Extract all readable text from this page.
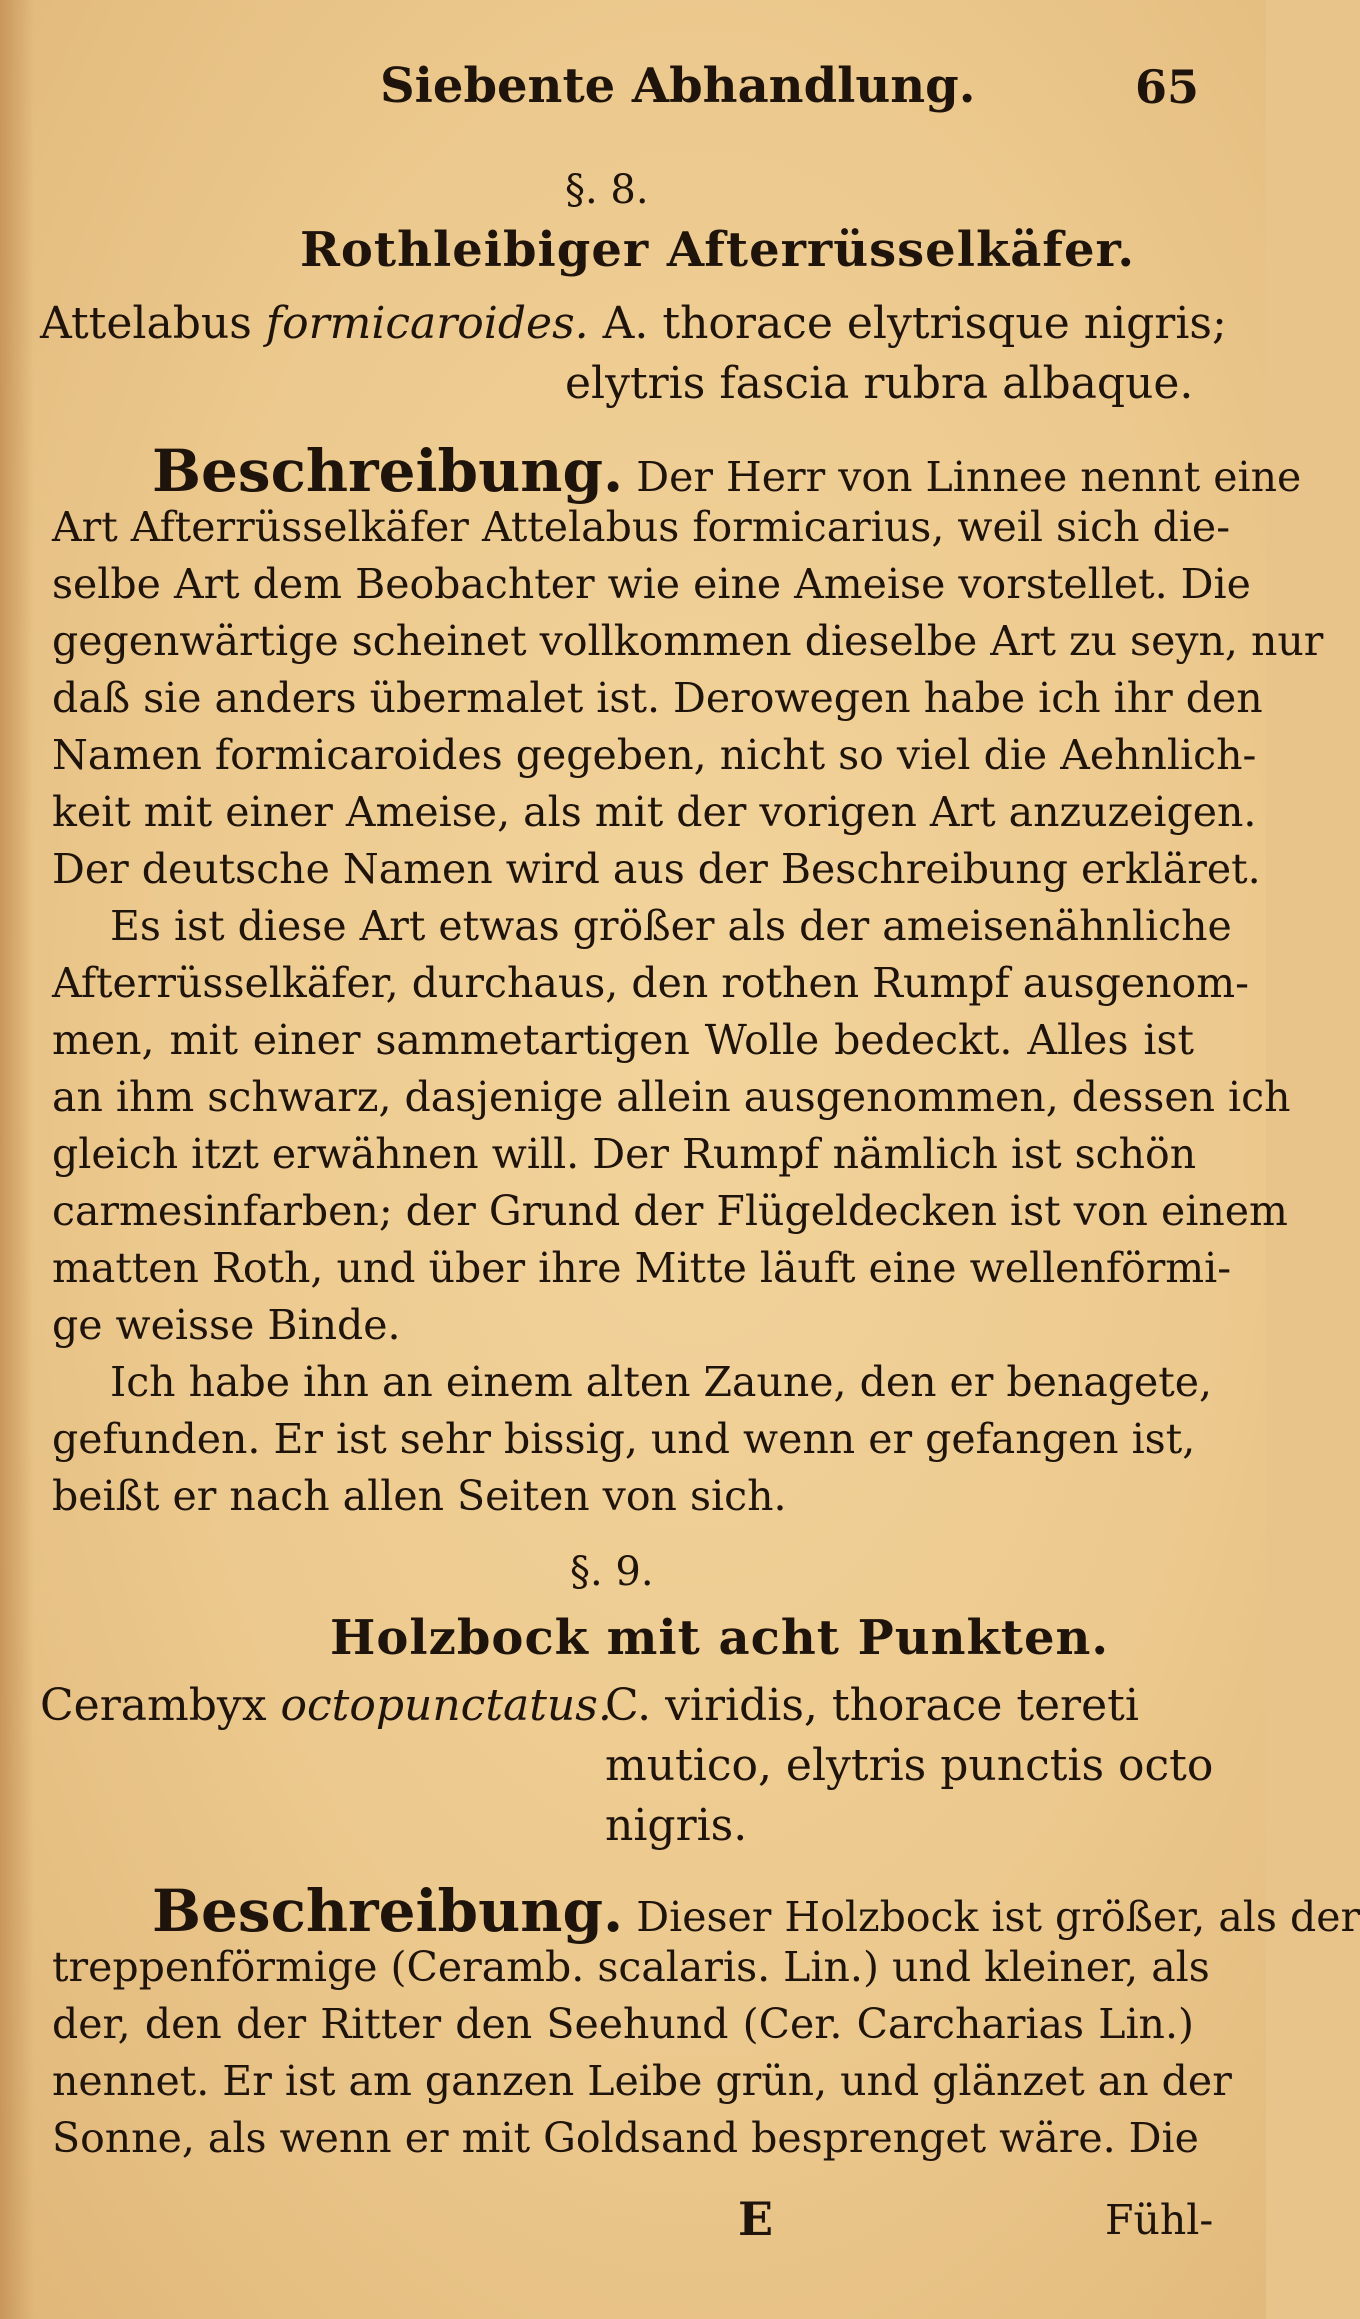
Siebente Abhandlung.	65
§. 8.
Rothleibiger Afterrüsselkäfer.
Attelabus formicaroides. A. thorace elytrisque nigris;
elytris fascia rubra albaque.
Beschreibung. Der Herr von Linnee nennt eine
Art Afterrüsselkäfer Attelabus formicarius, weil sich die-
selbe Art dem Beobachter wie eine Ameise vorstellet. Die
gegenwärtige scheinet vollkommen dieselbe Art zu seyn, nur
daß sie anders übermalet ist. Derowegen habe ich ihr den
Namen formicaroides gegeben, nicht so viel die Aehnlich-
keit mit einer Ameise, als mit der vorigen Art anzuzeigen.
Der deutsche Namen wird aus der Beschreibung erkläret.
Es ist diese Art etwas größer als der ameisenähnliche
Afterrüsselkäfer, durchaus, den rothen Rumpf ausgenom-
men, mit einer sammetartigen Wolle bedeckt. Alles ist
an ihm schwarz, dasjenige allein ausgenommen, dessen ich
gleich itzt erwähnen will. Der Rumpf nämlich ist schön
carmesinfarben; der Grund der Flügeldecken ist von einem
matten Roth, und über ihre Mitte läuft eine wellenförmi-
ge weisse Binde.
Ich habe ihn an einem alten Zaune, den er benagete,
gefunden. Er ist sehr bissig, und wenn er gefangen ist,
beißt er nach allen Seiten von sich.
§. 9.
Holzbock mit acht Punkten.
Cerambyx octopunctatus.
C. viridis, thorace tereti
mutico, elytris punctis octo
nigris.
Beschreibung. Dieser Holzbock ist größer, als der
treppenförmige (Ceramb. scalaris. Lin.) und kleiner, als
der, den der Ritter den Seehund (Cer. Carcharias Lin.)
nennet. Er ist am ganzen Leibe grün, und glänzet an der
Sonne, als wenn er mit Goldsand besprenget wäre. Die
E	Fühl-
